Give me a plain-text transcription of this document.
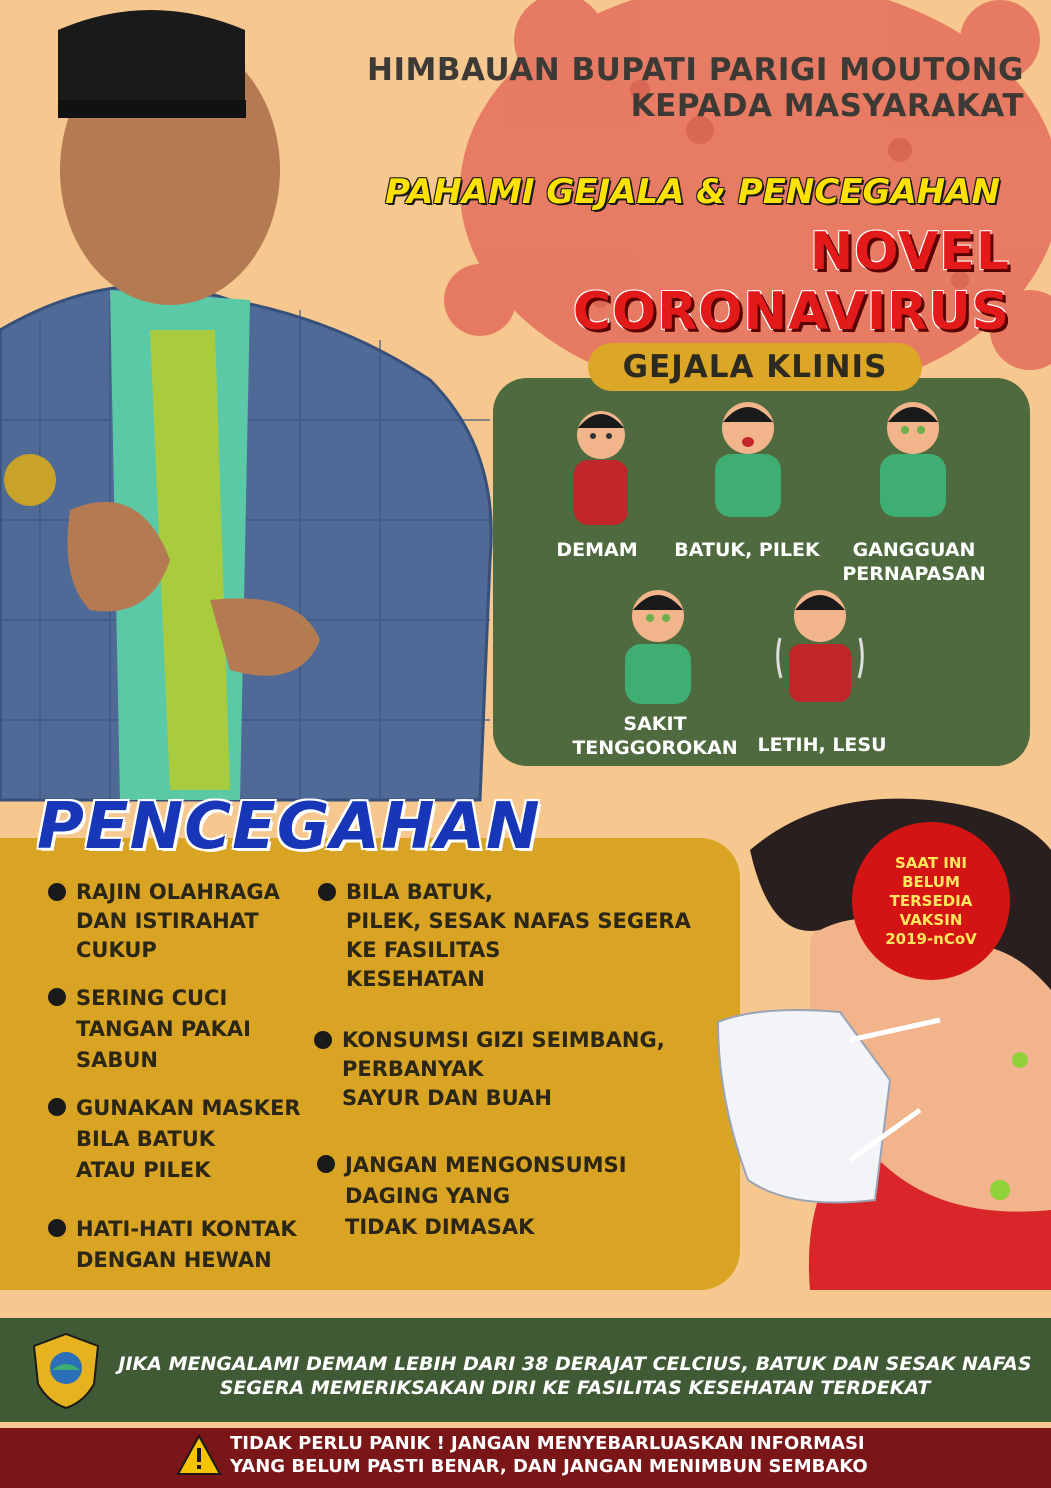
HIMBAUAN BUPATI PARIGI MOUTONG
KEPADA MASYARAKAT
PAHAMI GEJALA & PENCEGAHAN
NOVEL CORONAVIRUS
GEJALA KLINIS
DEMAM	BATUK, PILEK	GANGGUAN
PERNAPASAN
SAKIT
TENGGOROKAN	LETIH, LESU
PENCEGAHAN
RAJIN OLAHRAGA
DAN ISTIRAHAT
CUKUP
SERING CUCI
TANGAN PAKAI
SABUN
GUNAKAN MASKER
BILA BATUK
ATAU PILEK
HATI-HATI KONTAK
DENGAN HEWAN
BILA BATUK,
PILEK, SESAK NAFAS SEGERA
KE FASILITAS
KESEHATAN
KONSUMSI GIZI SEIMBANG,
PERBANYAK
SAYUR DAN BUAH
JANGAN MENGONSUMSI
DAGING YANG
TIDAK DIMASAK
SAAT INI
BELUM
TERSEDIA
VAKSIN
2019-nCoV
JIKA MENGALAMI DEMAM LEBIH DARI 38 DERAJAT CELCIUS, BATUK DAN SESAK NAFAS
SEGERA MEMERIKSAKAN DIRI KE FASILITAS KESEHATAN TERDEKAT
TIDAK PERLU PANIK ! JANGAN MENYEBARLUASKAN INFORMASI
YANG BELUM PASTI BENAR, DAN JANGAN MENIMBUN SEMBAKO
